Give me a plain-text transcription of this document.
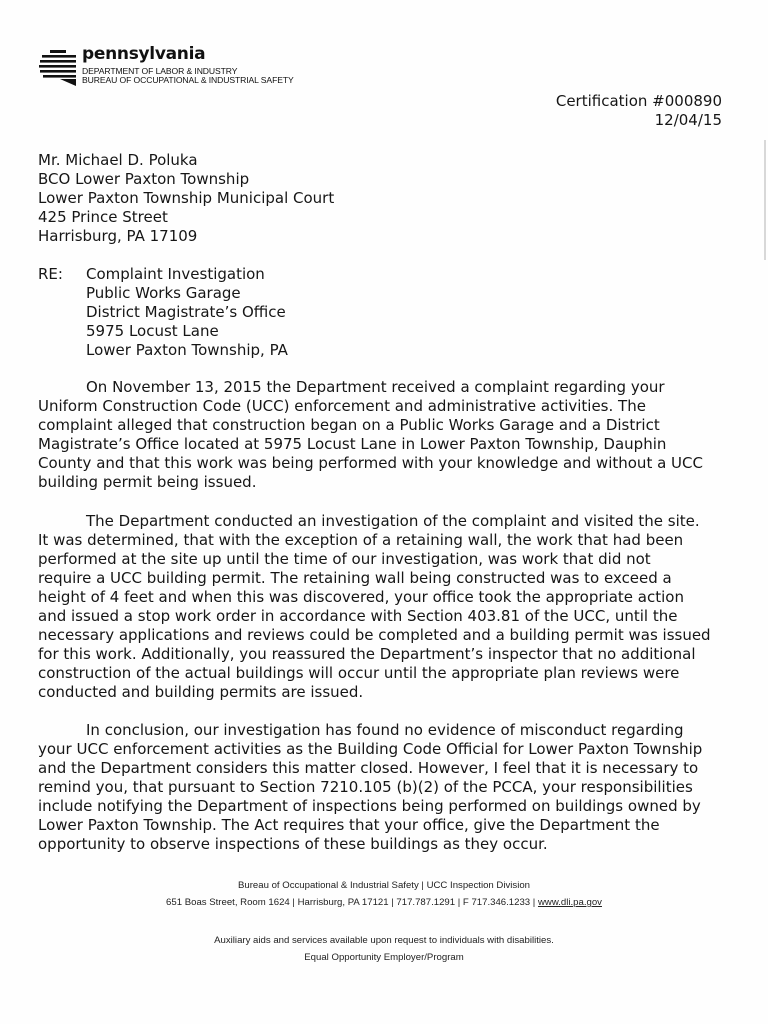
pennsylvania
DEPARTMENT OF LABOR & INDUSTRY
BUREAU OF OCCUPATIONAL & INDUSTRIAL SAFETY
Certification #000890
12/04/15
Mr. Michael D. Poluka
BCO Lower Paxton Township
Lower Paxton Township Municipal Court
425 Prince Street
Harrisburg, PA 17109
RE: Complaint Investigation
Public Works Garage
District Magistrate’s Office
5975 Locust Lane
Lower Paxton Township, PA
On November 13, 2015 the Department received a complaint regarding your
Uniform Construction Code (UCC) enforcement and administrative activities. The
complaint alleged that construction began on a Public Works Garage and a District
Magistrate’s Office located at 5975 Locust Lane in Lower Paxton Township, Dauphin
County and that this work was being performed with your knowledge and without a UCC
building permit being issued.
The Department conducted an investigation of the complaint and visited the site.
It was determined, that with the exception of a retaining wall, the work that had been
performed at the site up until the time of our investigation, was work that did not
require a UCC building permit. The retaining wall being constructed was to exceed a
height of 4 feet and when this was discovered, your office took the appropriate action
and issued a stop work order in accordance with Section 403.81 of the UCC, until the
necessary applications and reviews could be completed and a building permit was issued
for this work. Additionally, you reassured the Department’s inspector that no additional
construction of the actual buildings will occur until the appropriate plan reviews were
conducted and building permits are issued.
In conclusion, our investigation has found no evidence of misconduct regarding
your UCC enforcement activities as the Building Code Official for Lower Paxton Township
and the Department considers this matter closed. However, I feel that it is necessary to
remind you, that pursuant to Section 7210.105 (b)(2) of the PCCA, your responsibilities
include notifying the Department of inspections being performed on buildings owned by
Lower Paxton Township. The Act requires that your office, give the Department the
opportunity to observe inspections of these buildings as they occur.
Bureau of Occupational & Industrial Safety | UCC Inspection Division
651 Boas Street, Room 1624 | Harrisburg, PA 17121 | 717.787.1291 | F 717.346.1233 | www.dli.pa.gov
Auxiliary aids and services available upon request to individuals with disabilities.
Equal Opportunity Employer/Program
